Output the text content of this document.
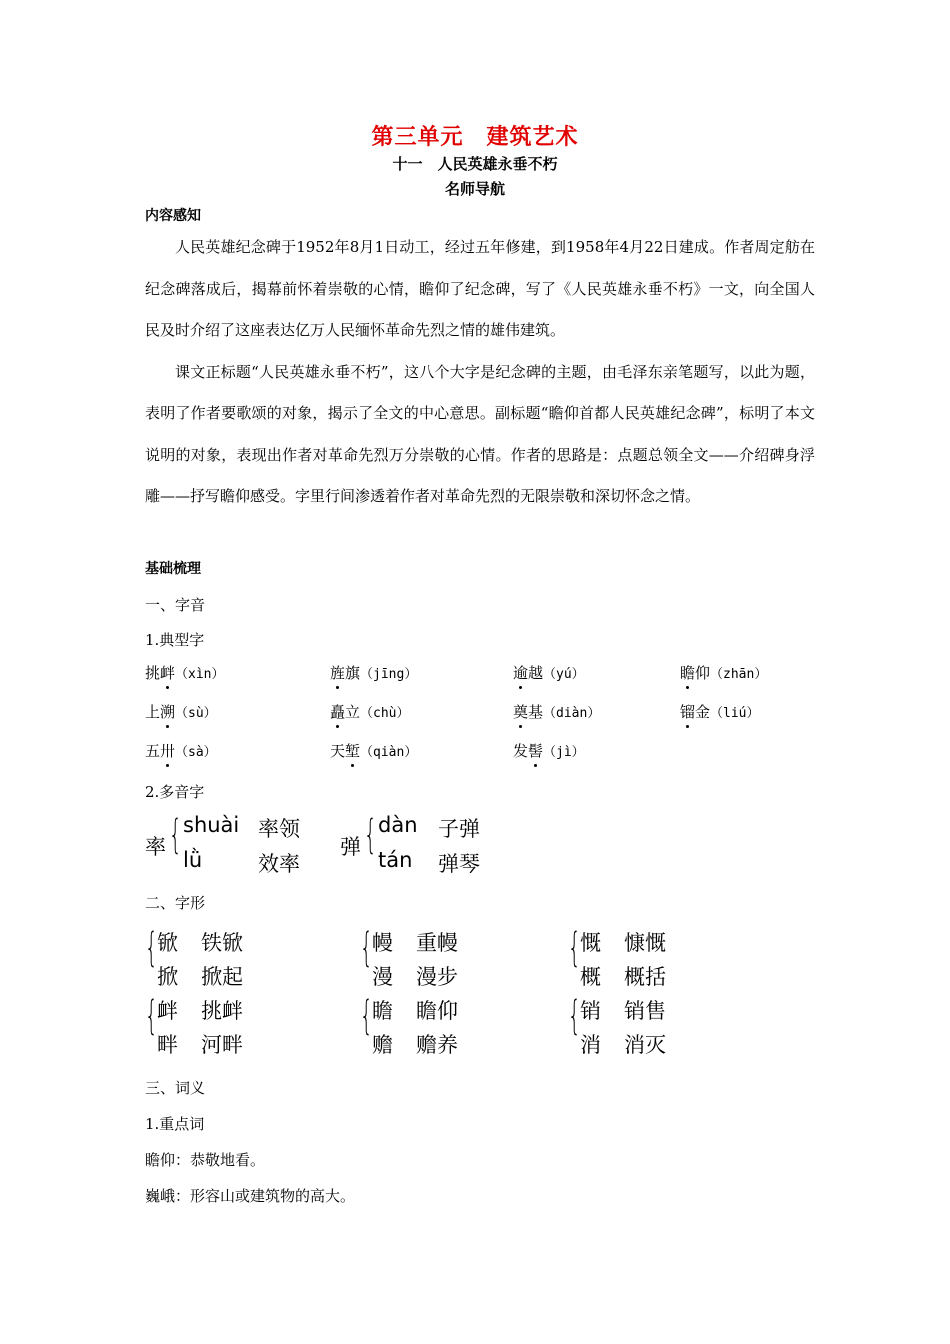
第三单元　建筑艺术
十一　人民英雄永垂不朽
名师导航
内容感知

人民英雄纪念碑于1952年8月1日动工，经过五年修建，到1958年4月22日建成。作者周定舫在纪念碑落成后，揭幕前怀着崇敬的心情，瞻仰了纪念碑，写了《人民英雄永垂不朽》一文，向全国人民及时介绍了这座表达亿万人民缅怀革命先烈之情的雄伟建筑。

课文正标题“人民英雄永垂不朽”，这八个大字是纪念碑的主题，由毛泽东亲笔题写，以此为题，表明了作者要歌颂的对象，揭示了全文的中心意思。副标题“瞻仰首都人民英雄纪念碑”，标明了本文说明的对象，表现出作者对革命先烈万分崇敬的心情。作者的思路是：点题总领全文——介绍碑身浮雕——抒写瞻仰感受。字里行间渗透着作者对革命先烈的无限崇敬和深切怀念之情。

基础梳理
一、字音
1.典型字
挑衅（xìn）	旌旗（jīng）	逾越（yú）	瞻仰（zhān）
上溯（sù）	矗立（chù）	奠基（diàn）	镏金（liú）
五卅（sà）	天堑（qiàn）	发髻（jì）
2.多音字
率 { shuài 率领
lǜ	效率
弹 { dàn 子弹
tán 弹琴
二、字形
{ 锨 铁锨
掀 掀起
{ 幔 重幔
漫 漫步
{ 慨 慷慨
概 概括
{ 衅 挑衅
畔 河畔
{ 瞻 瞻仰
赡 赡养
{ 销 销售
消 消灭
三、词义
1.重点词
瞻仰：恭敬地看。
巍峨：形容山或建筑物的高大。
